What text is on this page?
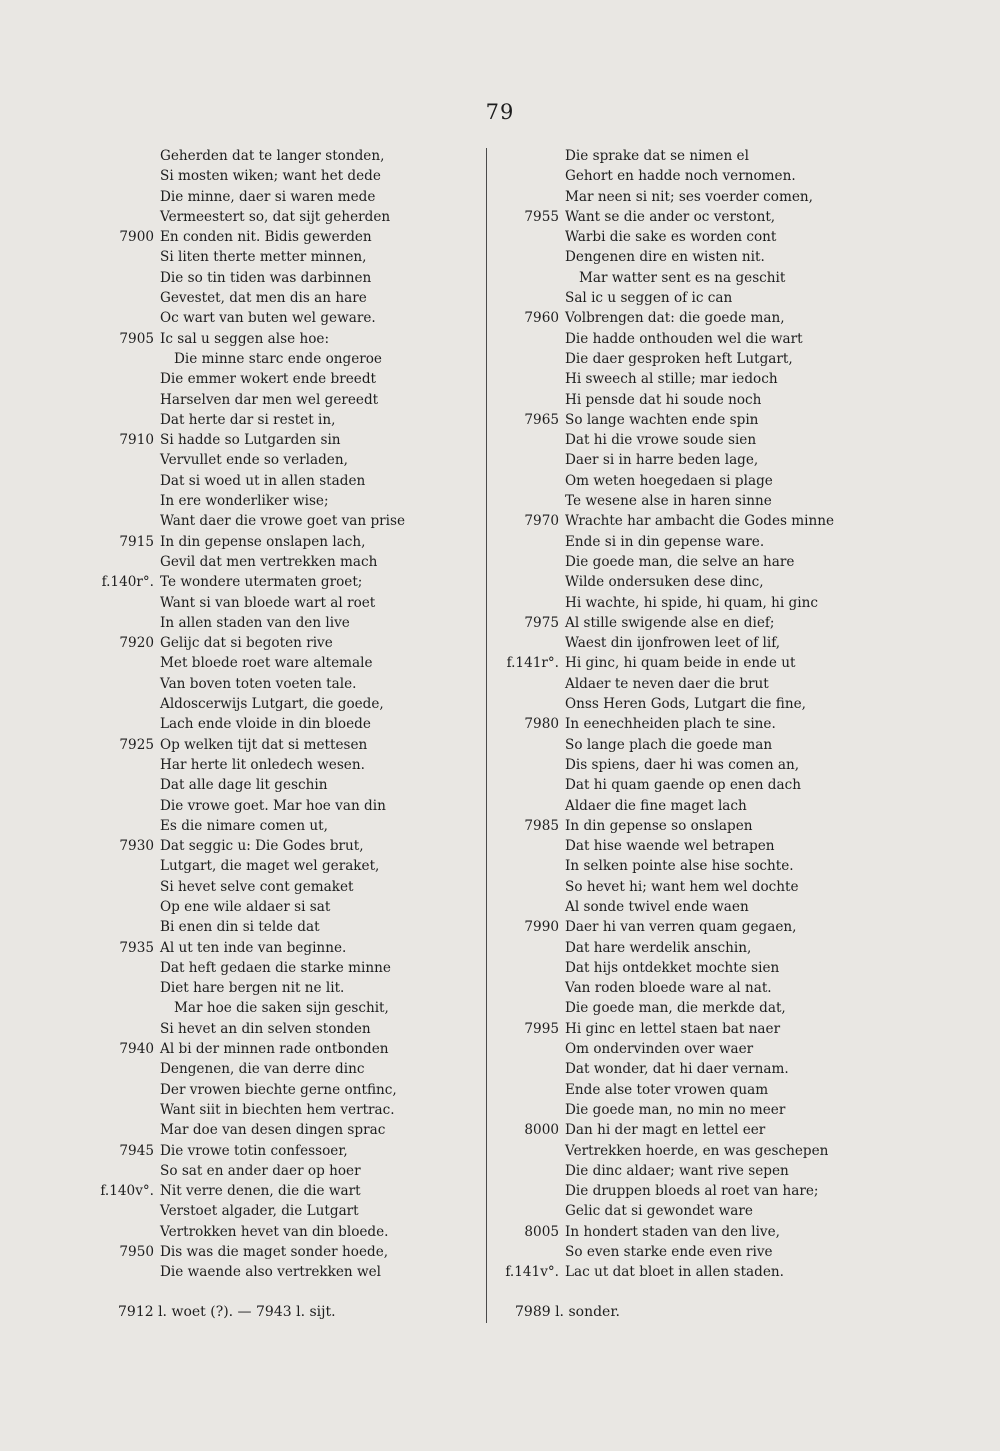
79
Geherden dat te langer stonden,
Si mosten wiken; want het dede
Die minne, daer si waren mede
Vermeestert so, dat sijt geherden
7900 En conden nit. Bidis gewerden
Si liten therte metter minnen,
Die so tin tiden was darbinnen
Gevestet, dat men dis an hare
Oc wart van buten wel geware.
7905 Ic sal u seggen alse hoe:
Die minne starc ende ongeroe
Die emmer wokert ende breedt
Harselven dar men wel gereedt
Dat herte dar si restet in,
7910 Si hadde so Lutgarden sin
Vervullet ende so verladen,
Dat si woed ut in allen staden
In ere wonderliker wise;
Want daer die vrowe goet van prise
7915 In din gepense onslapen lach,
Gevil dat men vertrekken mach
f.140r°. Te wondere utermaten groet;
Want si van bloede wart al roet
In allen staden van den live
7920 Gelijc dat si begoten rive
Met bloede roet ware altemale
Van boven toten voeten tale.
Aldoscerwijs Lutgart, die goede,
Lach ende vloide in din bloede
7925 Op welken tijt dat si mettesen
Har herte lit onledech wesen.
Dat alle dage lit geschin
Die vrowe goet. Mar hoe van din
Es die nimare comen ut,
7930 Dat seggic u: Die Godes brut,
Lutgart, die maget wel geraket,
Si hevet selve cont gemaket
Op ene wile aldaer si sat
Bi enen din si telde dat
7935 Al ut ten inde van beginne.
Dat heft gedaen die starke minne
Diet hare bergen nit ne lit.
Mar hoe die saken sijn geschit,
Si hevet an din selven stonden
7940 Al bi der minnen rade ontbonden
Dengenen, die van derre dinc
Der vrowen biechte gerne ontfinc,
Want siit in biechten hem vertrac.
Mar doe van desen dingen sprac
7945 Die vrowe totin confessoer,
So sat en ander daer op hoer
f.140v°. Nit verre denen, die die wart
Verstoet algader, die Lutgart
Vertrokken hevet van din bloede.
7950 Dis was die maget sonder hoede,
Die waende also vertrekken wel
Die sprake dat se nimen el
Gehort en hadde noch vernomen.
Mar neen si nit; ses voerder comen,
7955 Want se die ander oc verstont,
Warbi die sake es worden cont
Dengenen dire en wisten nit.
Mar watter sent es na geschit
Sal ic u seggen of ic can
7960 Volbrengen dat: die goede man,
Die hadde onthouden wel die wart
Die daer gesproken heft Lutgart,
Hi sweech al stille; mar iedoch
Hi pensde dat hi soude noch
7965 So lange wachten ende spin
Dat hi die vrowe soude sien
Daer si in harre beden lage,
Om weten hoegedaen si plage
Te wesene alse in haren sinne
7970 Wrachte har ambacht die Godes minne
Ende si in din gepense ware.
Die goede man, die selve an hare
Wilde ondersuken dese dinc,
Hi wachte, hi spide, hi quam, hi ginc
7975 Al stille swigende alse en dief;
Waest din ijonfrowen leet of lif,
f.141r°. Hi ginc, hi quam beide in ende ut
Aldaer te neven daer die brut
Onss Heren Gods, Lutgart die fine,
7980 In eenechheiden plach te sine.
So lange plach die goede man
Dis spiens, daer hi was comen an,
Dat hi quam gaende op enen dach
Aldaer die fine maget lach
7985 In din gepense so onslapen
Dat hise waende wel betrapen
In selken pointe alse hise sochte.
So hevet hi; want hem wel dochte
Al sonde twivel ende waen
7990 Daer hi van verren quam gegaen,
Dat hare werdelik anschin,
Dat hijs ontdekket mochte sien
Van roden bloede ware al nat.
Die goede man, die merkde dat,
7995 Hi ginc en lettel staen bat naer
Om ondervinden over waer
Dat wonder, dat hi daer vernam.
Ende alse toter vrowen quam
Die goede man, no min no meer
8000 Dan hi der magt en lettel eer
Vertrekken hoerde, en was geschepen
Die dinc aldaer; want rive sepen
Die druppen bloeds al roet van hare;
Gelic dat si gewondet ware
8005 In hondert staden van den live,
So even starke ende even rive
f.141v°. Lac ut dat bloet in allen staden.
7912 l. woet (?). — 7943 l. sijt.	7989 l. sonder.
